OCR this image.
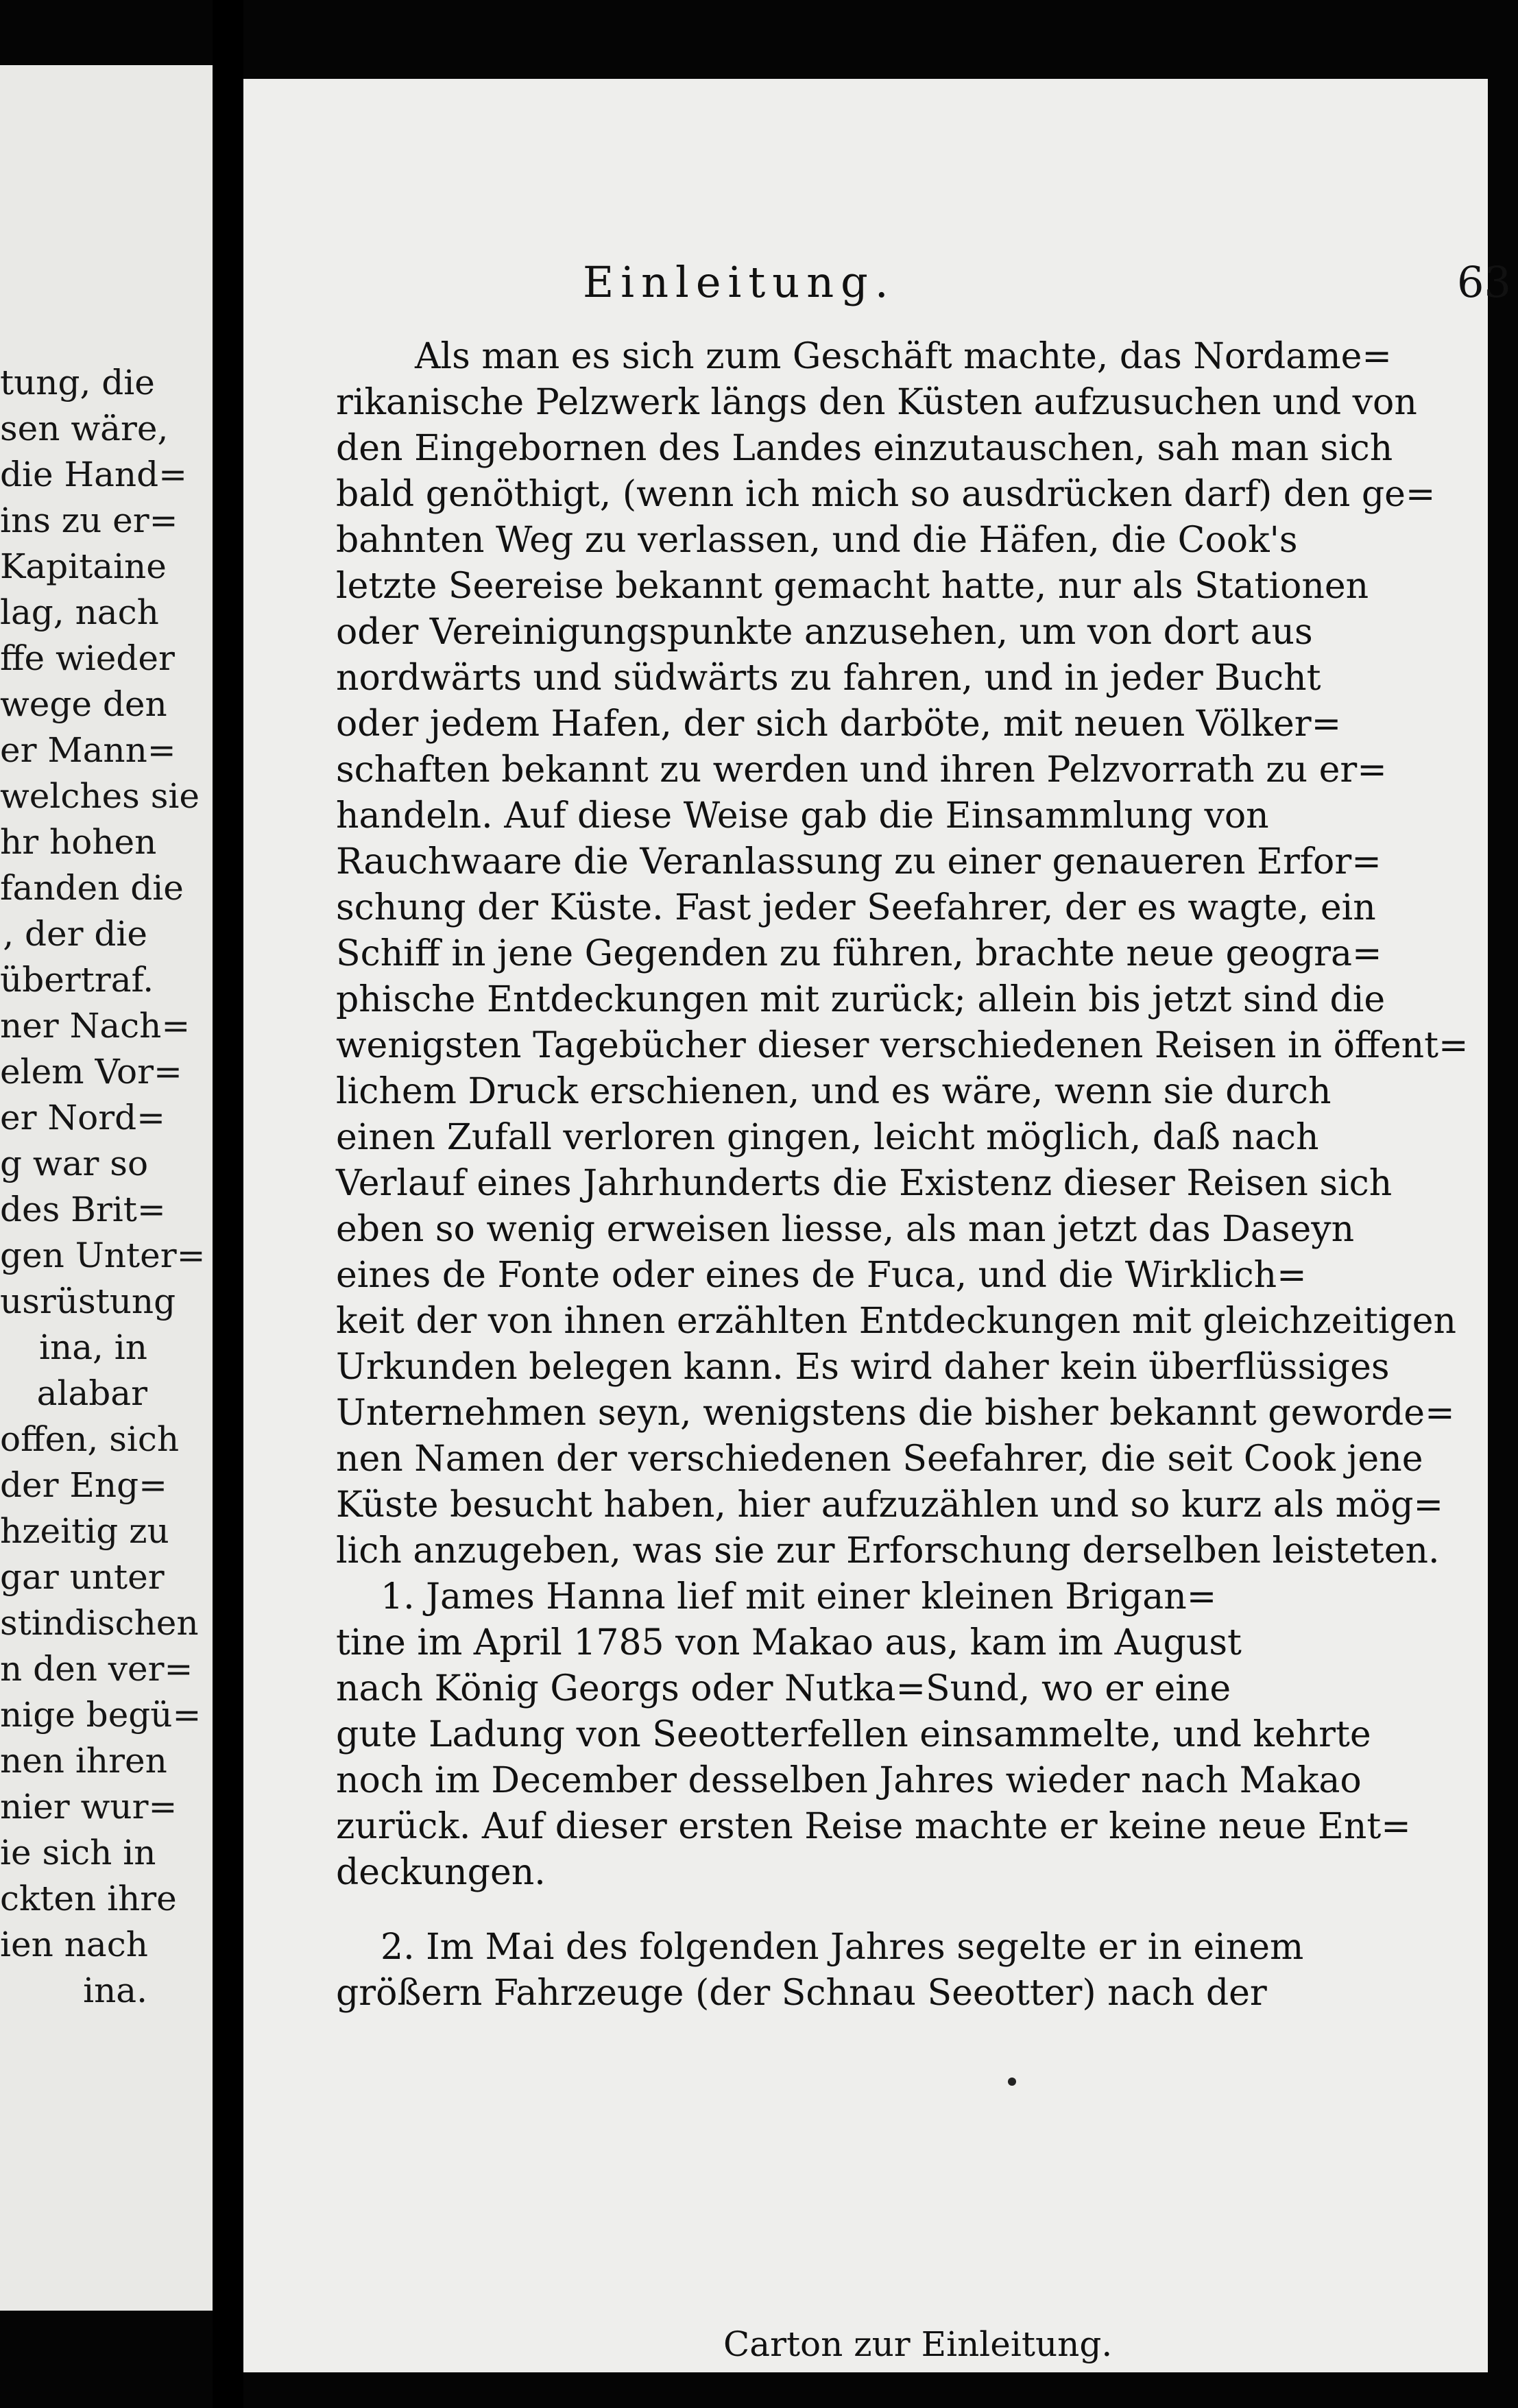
tung, die
sen wäre,
die Hand=
ins zu er=
Kapitaine
lag, nach
ffe wieder
wege den
er Mann=
welches sie
hr hohen
fanden die
, der die
übertraf.
ner Nach=
elem Vor=
er Nord=
g war so
des Brit=
gen Unter=
usrüstung
ina, in
alabar
offen, sich
der Eng=
hzeitig zu
gar unter
stindischen
n den ver=
nige begü=
nen ihren
nier wur=
ie sich in
ckten ihre
ien nach
ina.
Einleitung.	63
Als man es sich zum Geschäft machte, das Nordame=
rikanische Pelzwerk längs den Küsten aufzusuchen und von
den Eingebornen des Landes einzutauschen, sah man sich
bald genöthigt, (wenn ich mich so ausdrücken darf) den ge=
bahnten Weg zu verlassen, und die Häfen, die Cook's
letzte Seereise bekannt gemacht hatte, nur als Stationen
oder Vereinigungspunkte anzusehen, um von dort aus
nordwärts und südwärts zu fahren, und in jeder Bucht
oder jedem Hafen, der sich darböte, mit neuen Völker=
schaften bekannt zu werden und ihren Pelzvorrath zu er=
handeln. Auf diese Weise gab die Einsammlung von
Rauchwaare die Veranlassung zu einer genaueren Erfor=
schung der Küste. Fast jeder Seefahrer, der es wagte, ein
Schiff in jene Gegenden zu führen, brachte neue geogra=
phische Entdeckungen mit zurück; allein bis jetzt sind die
wenigsten Tagebücher dieser verschiedenen Reisen in öffent=
lichem Druck erschienen, und es wäre, wenn sie durch
einen Zufall verloren gingen, leicht möglich, daß nach
Verlauf eines Jahrhunderts die Existenz dieser Reisen sich
eben so wenig erweisen liesse, als man jetzt das Daseyn
eines de Fonte oder eines de Fuca, und die Wirklich=
keit der von ihnen erzählten Entdeckungen mit gleichzeitigen
Urkunden belegen kann. Es wird daher kein überflüssiges
Unternehmen seyn, wenigstens die bisher bekannt geworde=
nen Namen der verschiedenen Seefahrer, die seit Cook jene
Küste besucht haben, hier aufzuzählen und so kurz als mög=
lich anzugeben, was sie zur Erforschung derselben leisteten.
1. James Hanna lief mit einer kleinen Brigan=
tine im April 1785 von Makao aus, kam im August
nach König Georgs oder Nutka=Sund, wo er eine
gute Ladung von Seeotterfellen einsammelte, und kehrte
noch im December desselben Jahres wieder nach Makao
zurück. Auf dieser ersten Reise machte er keine neue Ent=
deckungen.
2. Im Mai des folgenden Jahres segelte er in einem
größern Fahrzeuge (der Schnau Seeotter) nach der
Carton zur Einleitung.
